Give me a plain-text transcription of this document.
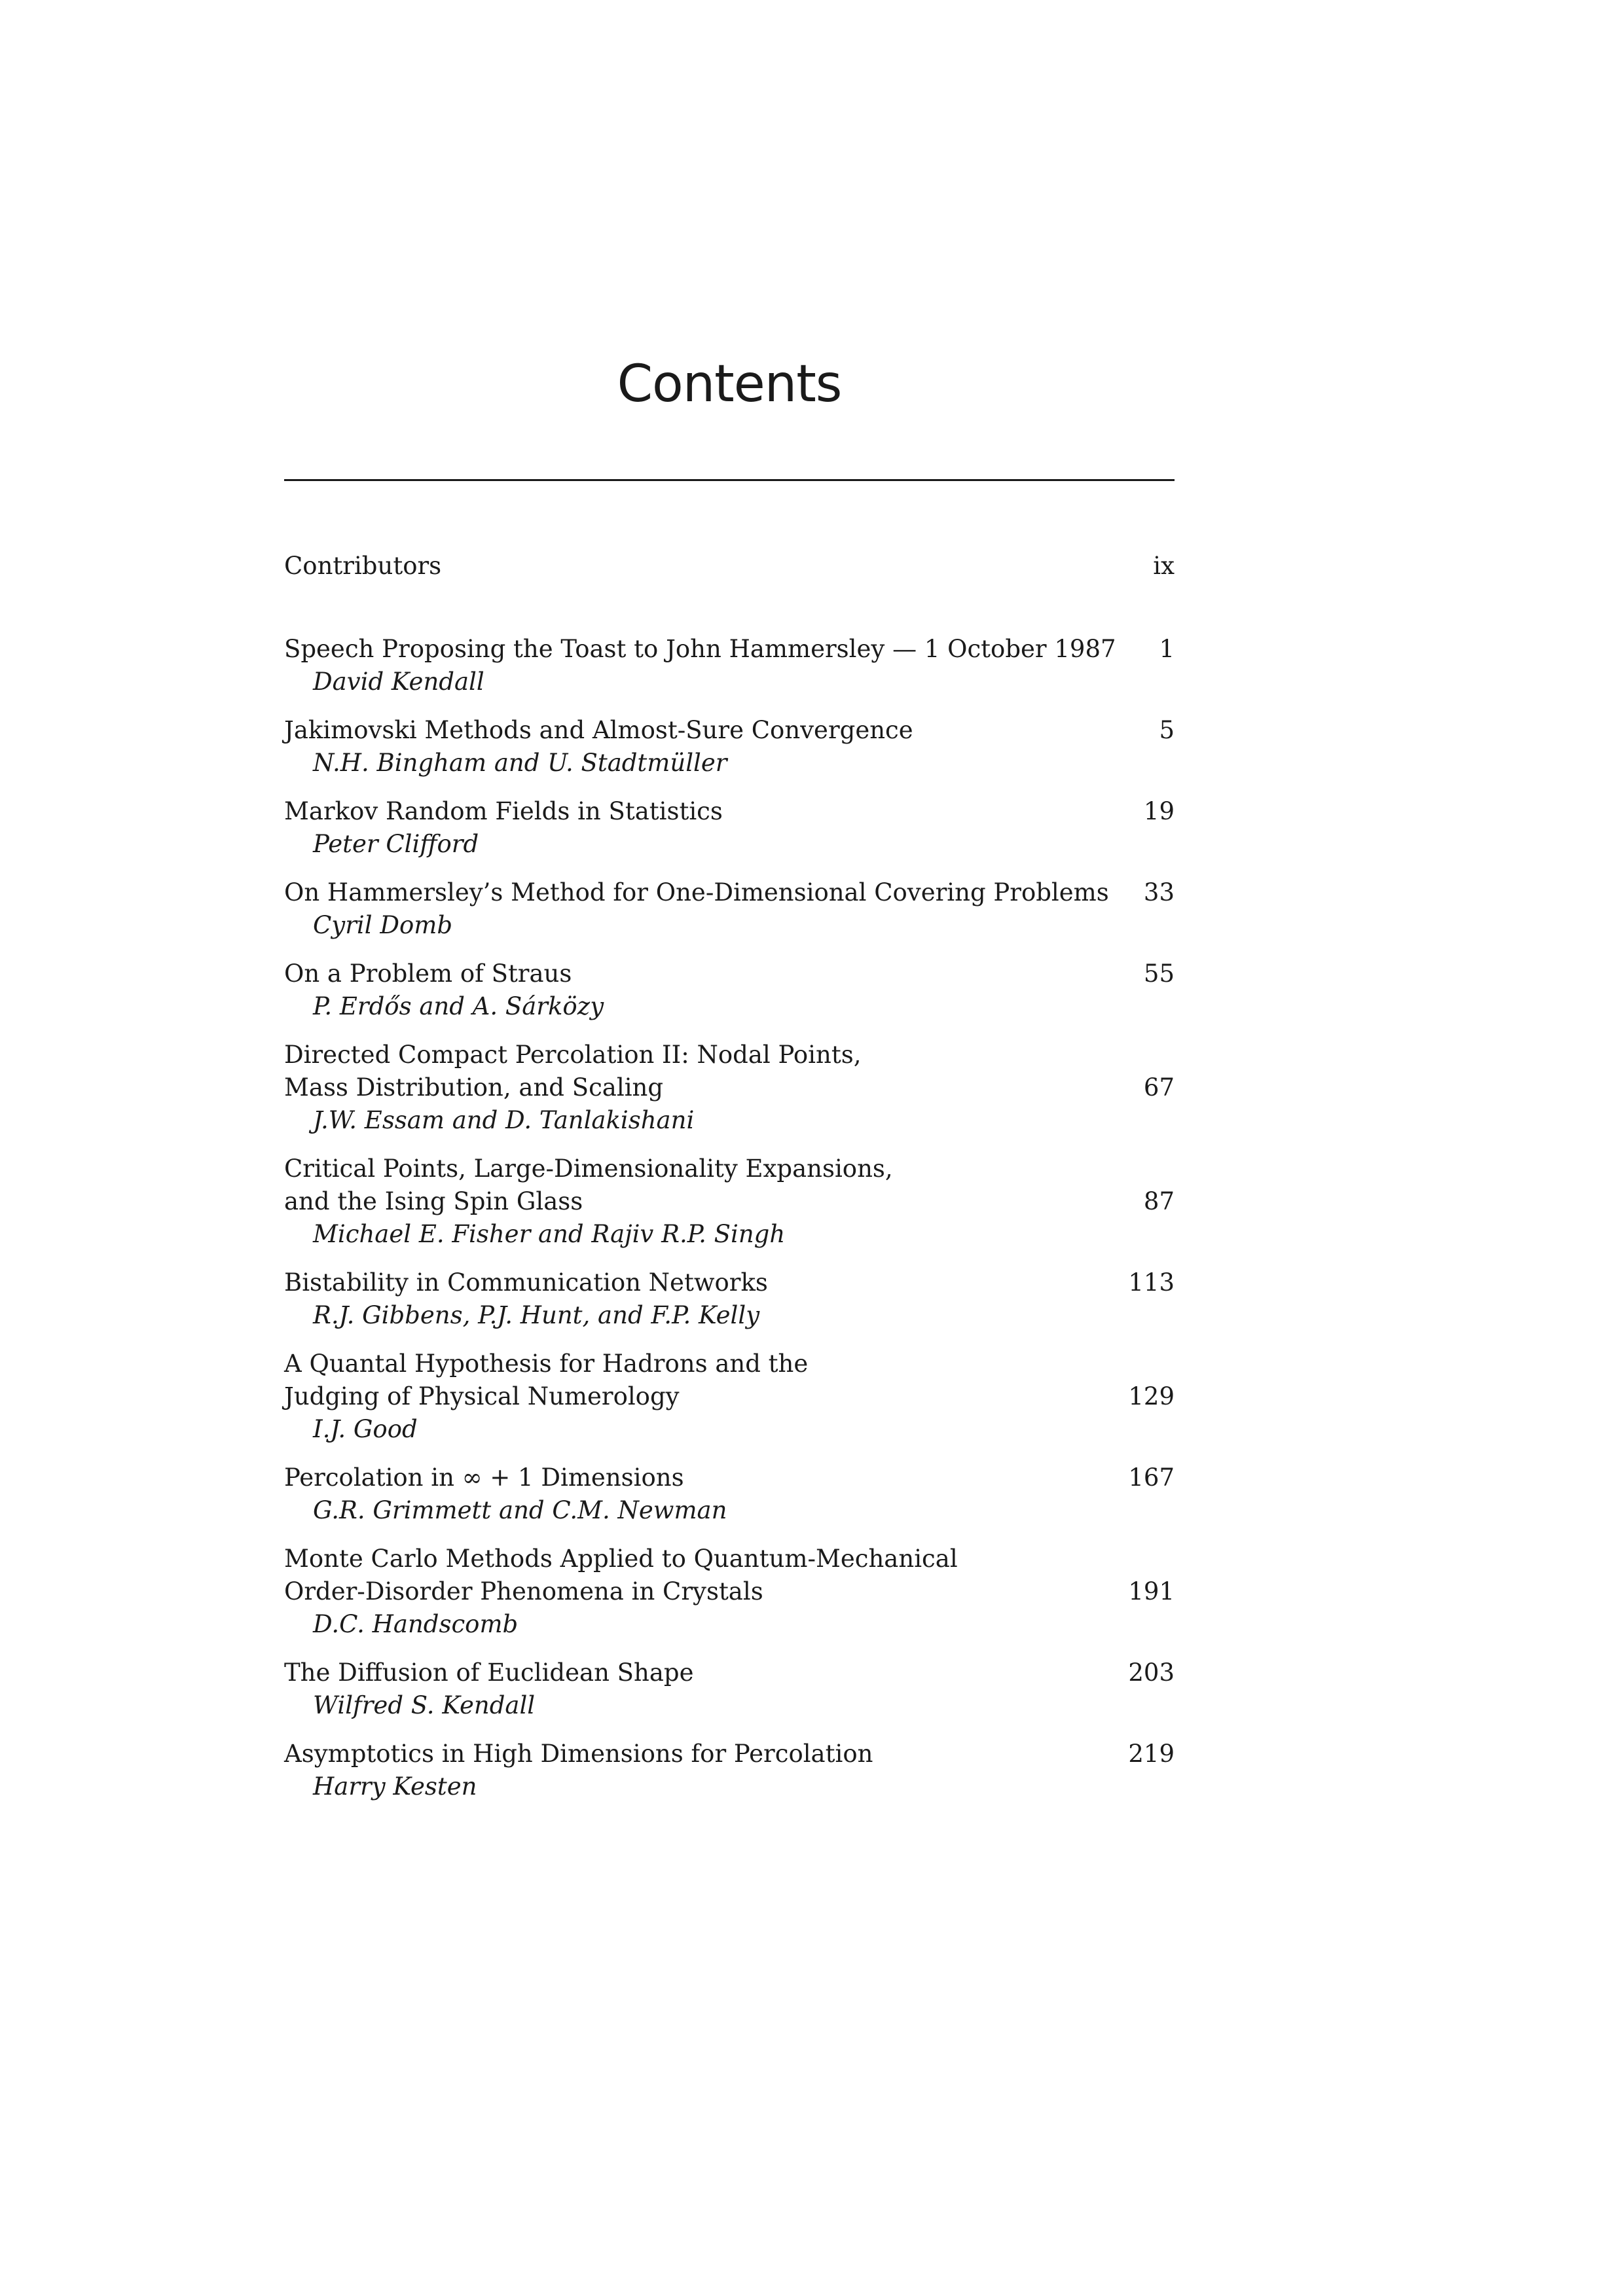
Contents
Contributors	ix
Speech Proposing the Toast to John Hammersley — 1 October 1987
David Kendall
1
Jakimovski Methods and Almost-Sure Convergence
N.H. Bingham and U. Stadtmüller
5
Markov Random Fields in Statistics
Peter Clifford
19
On Hammersley’s Method for One-Dimensional Covering Problems
Cyril Domb
33
On a Problem of Straus
P. Erdős and A. Sárközy
55
Directed Compact Percolation II: Nodal Points,
Mass Distribution, and Scaling
J.W. Essam and D. Tanlakishani
67
Critical Points, Large-Dimensionality Expansions,
and the Ising Spin Glass
Michael E. Fisher and Rajiv R.P. Singh
87
Bistability in Communication Networks
R.J. Gibbens, P.J. Hunt, and F.P. Kelly
113
A Quantal Hypothesis for Hadrons and the
Judging of Physical Numerology
I.J. Good
129
Percolation in ∞ + 1 Dimensions
G.R. Grimmett and C.M. Newman
167
Monte Carlo Methods Applied to Quantum-Mechanical
Order-Disorder Phenomena in Crystals
D.C. Handscomb
191
The Diffusion of Euclidean Shape
Wilfred S. Kendall
203
Asymptotics in High Dimensions for Percolation
Harry Kesten
219
